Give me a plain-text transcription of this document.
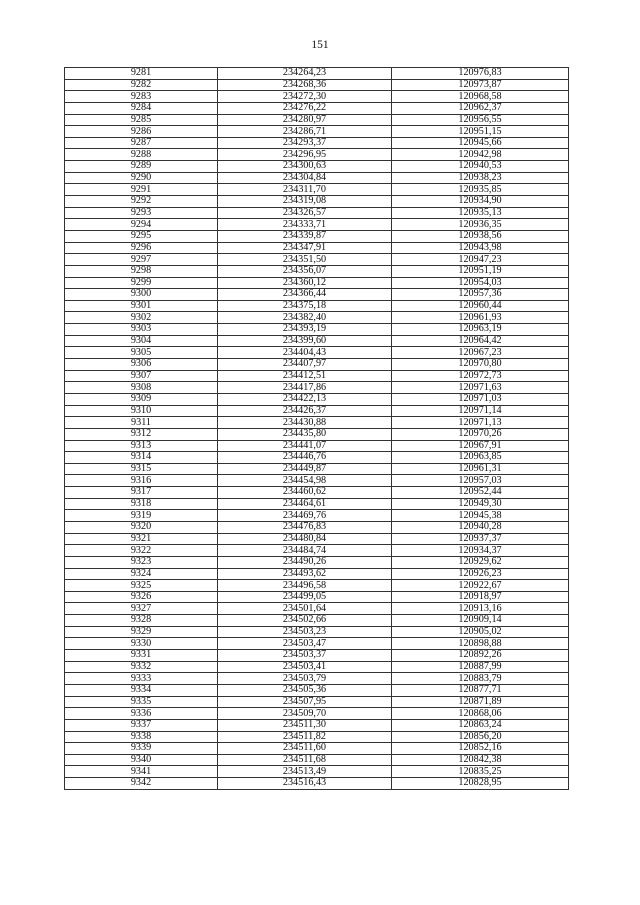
151
9281	234264,23	120976,83
9282	234268,36	120973,87
9283	234272,30	120968,58
9284	234276,22	120962,37
9285	234280,97	120956,55
9286	234286,71	120951,15
9287	234293,37	120945,66
9288	234296,95	120942,98
9289	234300,63	120940,53
9290	234304,84	120938,23
9291	234311,70	120935,85
9292	234319,08	120934,90
9293	234326,57	120935,13
9294	234333,71	120936,35
9295	234339,87	120938,56
9296	234347,91	120943,98
9297	234351,50	120947,23
9298	234356,07	120951,19
9299	234360,12	120954,03
9300	234366,44	120957,36
9301	234375,18	120960,44
9302	234382,40	120961,93
9303	234393,19	120963,19
9304	234399,60	120964,42
9305	234404,43	120967,23
9306	234407,97	120970,80
9307	234412,51	120972,73
9308	234417,86	120971,63
9309	234422,13	120971,03
9310	234426,37	120971,14
9311	234430,88	120971,13
9312	234435,80	120970,26
9313	234441,07	120967,91
9314	234446,76	120963,85
9315	234449,87	120961,31
9316	234454,98	120957,03
9317	234460,62	120952,44
9318	234464,61	120949,30
9319	234469,76	120945,38
9320	234476,83	120940,28
9321	234480,84	120937,37
9322	234484,74	120934,37
9323	234490,26	120929,62
9324	234493,62	120926,23
9325	234496,58	120922,67
9326	234499,05	120918,97
9327	234501,64	120913,16
9328	234502,66	120909,14
9329	234503,23	120905,02
9330	234503,47	120898,88
9331	234503,37	120892,26
9332	234503,41	120887,99
9333	234503,79	120883,79
9334	234505,36	120877,71
9335	234507,95	120871,89
9336	234509,70	120868,06
9337	234511,30	120863,24
9338	234511,82	120856,20
9339	234511,60	120852,16
9340	234511,68	120842,38
9341	234513,49	120835,25
9342	234516,43	120828,95
